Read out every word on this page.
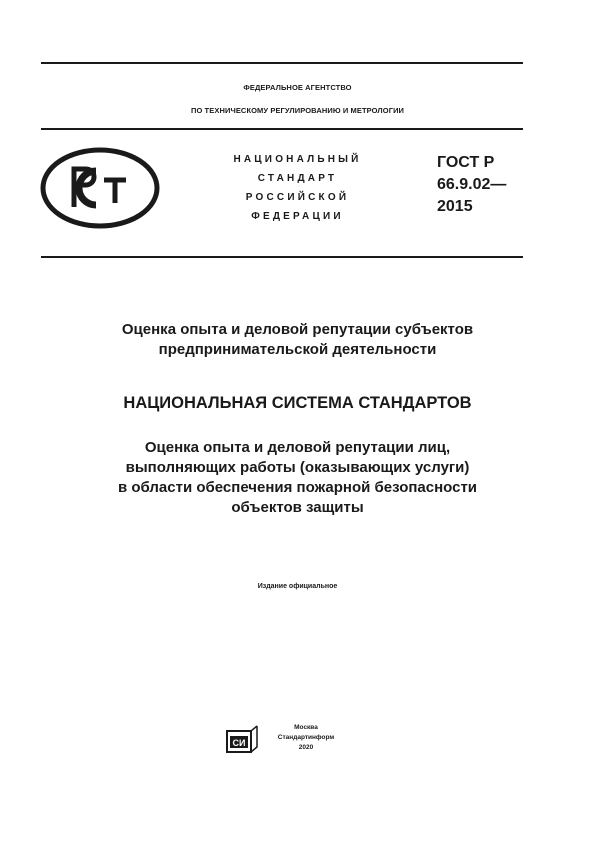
ФЕДЕРАЛЬНОЕ АГЕНТСТВО
ПО ТЕХНИЧЕСКОМУ РЕГУЛИРОВАНИЮ И МЕТРОЛОГИИ
НАЦИОНАЛЬНЫЙ
СТАНДАРТ
РОССИЙСКОЙ
ФЕДЕРАЦИИ
ГОСТ Р
66.9.02—
2015
Оценка опыта и деловой репутации субъектов
предпринимательской деятельности
НАЦИОНАЛЬНАЯ СИСТЕМА СТАНДАРТОВ
Оценка опыта и деловой репутации лиц,
выполняющих работы (оказывающих услуги)
в области обеспечения пожарной безопасности
объектов защиты
Издание официальное
СИ
Москва
Стандартинформ
2020
